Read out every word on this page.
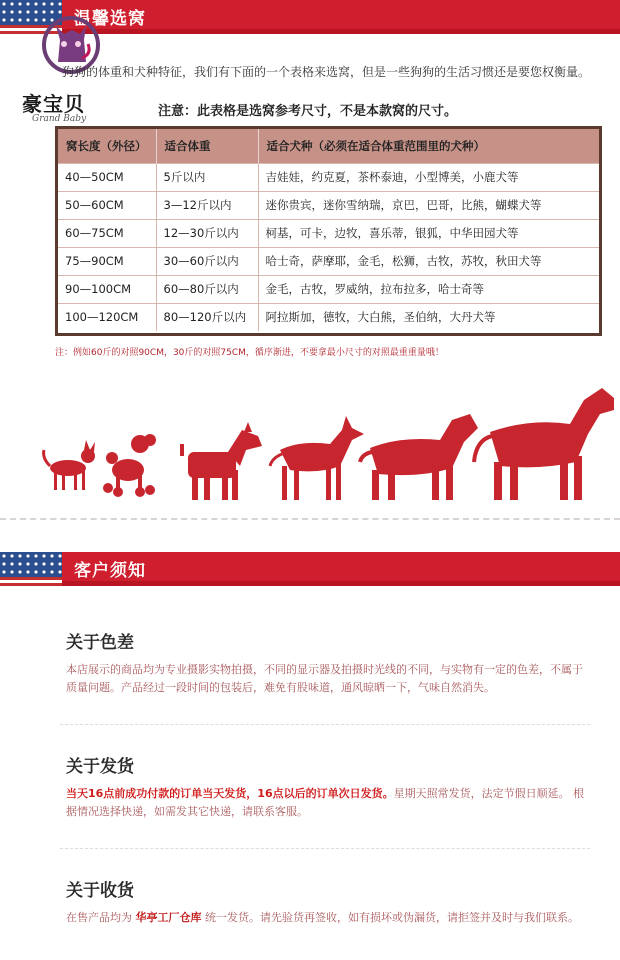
温馨选窝
豪宝贝
Grand Baby
狗狗的体重和犬种特征，我们有下面的一个表格来选窝，但是一些狗狗的生活习惯还是要您权衡量。
注意：此表格是选窝参考尺寸，不是本款窝的尺寸。
窝长度（外径）	适合体重	适合犬种（必须在适合体重范围里的犬种）
40—50CM	5斤以内	吉娃娃，约克夏，茶杯泰迪，小型博美，小鹿犬等
50—60CM	3—12斤以内	迷你贵宾，迷你雪纳瑞，京巴，巴哥，比熊，蝴蝶犬等
60—75CM	12—30斤以内	柯基，可卡，边牧，喜乐蒂，银狐，中华田园犬等
75—90CM	30—60斤以内	哈士奇，萨摩耶，金毛，松狮，古牧，苏牧，秋田犬等
90—100CM	60—80斤以内	金毛，古牧，罗威纳，拉布拉多，哈士奇等
100—120CM	80—120斤以内	阿拉斯加，德牧，大白熊，圣伯纳，大丹犬等
注：例如60斤的对照90CM，30斤的对照75CM，循序渐进，不要拿最小尺寸的对照最重重量哦！
客户须知
关于色差

本店展示的商品均为专业摄影实物拍摄，不同的显示器及拍摄时光线的不同，与实物有一定的色差，不属于质量问题。产品经过一段时间的包装后，难免有股味道，通风晾晒一下，气味自然消失。

关于发货

当天16点前成功付款的订单当天发货，16点以后的订单次日发货。星期天照常发货，法定节假日顺延。 根据情况选择快递，如需发其它快递，请联系客服。

关于收货

在售产品均为 华亭工厂仓库 统一发货。请先验货再签收，如有损坏或伪漏货，请拒签并及时与我们联系。
